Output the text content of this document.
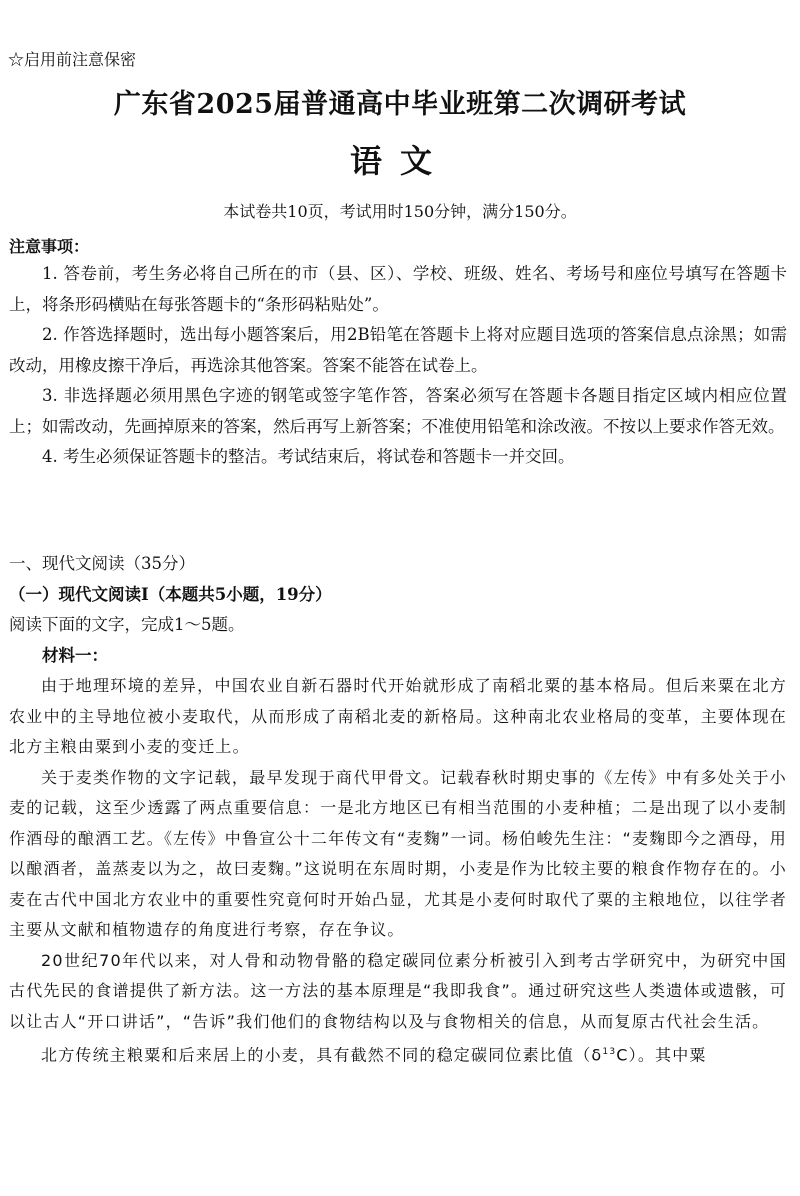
☆启用前注意保密
广东省2025届普通高中毕业班第二次调研考试
语文
本试卷共10页，考试用时150分钟，满分150分。
注意事项：

1. 答卷前，考生务必将自己所在的市（县、区）、学校、班级、姓名、考场号和座位号填写在答题卡上，将条形码横贴在每张答题卡的“条形码粘贴处”。

2. 作答选择题时，选出每小题答案后，用2B铅笔在答题卡上将对应题目选项的答案信息点涂黑；如需改动，用橡皮擦干净后，再选涂其他答案。答案不能答在试卷上。

3. 非选择题必须用黑色字迹的钢笔或签字笔作答，答案必须写在答题卡各题目指定区域内相应位置上；如需改动，先画掉原来的答案，然后再写上新答案；不准使用铅笔和涂改液。不按以上要求作答无效。

4. 考生必须保证答题卡的整洁。考试结束后，将试卷和答题卡一并交回。

一、现代文阅读（35分）

（一）现代文阅读Ⅰ（本题共5小题，19分）

阅读下面的文字，完成1～5题。

材料一：

由于地理环境的差异，中国农业自新石器时代开始就形成了南稻北粟的基本格局。但后来粟在北方农业中的主导地位被小麦取代，从而形成了南稻北麦的新格局。这种南北农业格局的变革，主要体现在北方主粮由粟到小麦的变迁上。

关于麦类作物的文字记载，最早发现于商代甲骨文。记载春秋时期史事的《左传》中有多处关于小麦的记载，这至少透露了两点重要信息：一是北方地区已有相当范围的小麦种植；二是出现了以小麦制作酒母的酿酒工艺。《左传》中鲁宣公十二年传文有“麦麴”一词。杨伯峻先生注：“麦麴即今之酒母，用以酿酒者，盖蒸麦以为之，故曰麦麴。”这说明在东周时期，小麦是作为比较主要的粮食作物存在的。小麦在古代中国北方农业中的重要性究竟何时开始凸显，尤其是小麦何时取代了粟的主粮地位，以往学者主要从文献和植物遗存的角度进行考察，存在争议。

20世纪70年代以来，对人骨和动物骨骼的稳定碳同位素分析被引入到考古学研究中，为研究中国古代先民的食谱提供了新方法。这一方法的基本原理是“我即我食”。通过研究这些人类遗体或遗骸，可以让古人“开口讲话”，“告诉”我们他们的食物结构以及与食物相关的信息，从而复原古代社会生活。

北方传统主粮粟和后来居上的小麦，具有截然不同的稳定碳同位素比值$(\delta^{13}C)$。其中粟
